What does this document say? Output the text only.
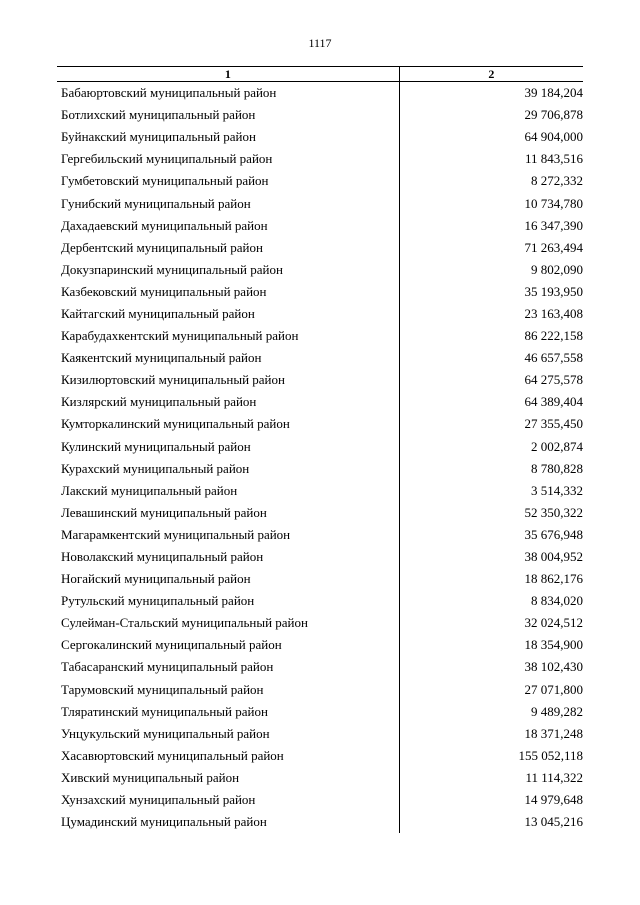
1117
1	2
Бабаюртовский муниципальный район	39 184,204
Ботлихский муниципальный район	29 706,878
Буйнакский муниципальный район	64 904,000
Гергебильский муниципальный район	11 843,516
Гумбетовский муниципальный район	8 272,332
Гунибский муниципальный район	10 734,780
Дахадаевский муниципальный район	16 347,390
Дербентский муниципальный район	71 263,494
Докузпаринский муниципальный район	9 802,090
Казбековский муниципальный район	35 193,950
Кайтагский муниципальный район	23 163,408
Карабудахкентский муниципальный район	86 222,158
Каякентский муниципальный район	46 657,558
Кизилюртовский муниципальный район	64 275,578
Кизлярский муниципальный район	64 389,404
Кумторкалинский муниципальный район	27 355,450
Кулинский муниципальный район	2 002,874
Курахский муниципальный район	8 780,828
Лакский муниципальный район	3 514,332
Левашинский муниципальный район	52 350,322
Магарамкентский муниципальный район	35 676,948
Новолакский муниципальный район	38 004,952
Ногайский муниципальный район	18 862,176
Рутульский муниципальный район	8 834,020
Сулейман-Стальский муниципальный район	32 024,512
Сергокалинский муниципальный район	18 354,900
Табасаранский муниципальный район	38 102,430
Тарумовский муниципальный район	27 071,800
Тляратинский муниципальный район	9 489,282
Унцукульский муниципальный район	18 371,248
Хасавюртовский муниципальный район	155 052,118
Хивский муниципальный район	11 114,322
Хунзахский муниципальный район	14 979,648
Цумадинский муниципальный район	13 045,216
